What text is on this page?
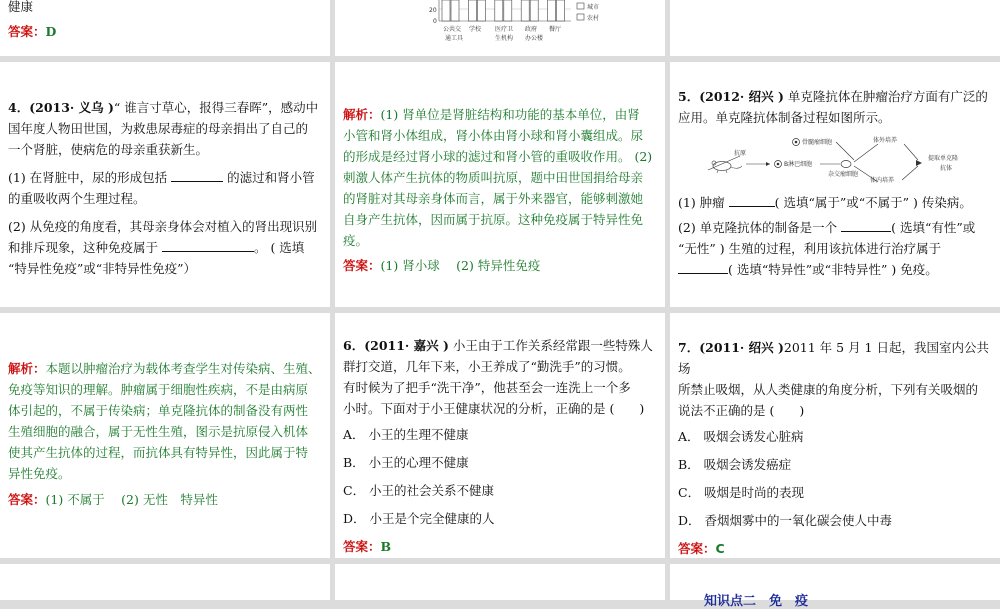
健康

答案：D

20
0
公共交
通工具
学校 医疗卫
生机构
政府
办公楼
餐厅
城市
农村

4．(2013· 义乌 )“ 谁言寸草心，报得三春晖”，感动中
国年度人物田世国，为救患尿毒症的母亲捐出了自己的
一个肾脏，使病危的母亲重获新生。

(1) 在肾脏中，尿的形成包括	的滤过和肾小管
的重吸收两个生理过程。

(2) 从免疫的角度看，其母亲身体会对植入的肾出现识别
和排斥现象，这种免疫属于	。 ( 选填
“特异性免疫”或“非特异性免疫”）

解析：(1) 肾单位是肾脏结构和功能的基本单位，由肾
小管和肾小体组成，肾小体由肾小球和肾小囊组成。尿
的形成是经过肾小球的滤过和肾小管的重吸收作用。 (2)
刺激人体产生抗体的物质叫抗原，题中田世国捐给母亲
的肾脏对其母亲身体而言，属于外来器官，能够刺激她
自身产生抗体，因而属于抗原。这种免疫属于特异性免
疫。

答案：(1) 肾小球　 (2) 特异性免疫

5．(2012· 绍兴 ) 单克隆抗体在肿瘤治疗方面有广泛的
应用。单克隆抗体制备过程如图所示。

抗原
骨髓瘤细胞
B淋巴细胞
杂交瘤细胞
体外培养
体内培养
提取单克隆
抗体

(1) 肿瘤	( 选填“属于”或“不属于” ) 传染病。

(2) 单克隆抗体的制备是一个	( 选填“有性”或
“无性” ) 生殖的过程，利用该抗体进行治疗属于
( 选填“特异性”或“非特异性” ) 免疫。

解析：本题以肿瘤治疗为载体考查学生对传染病、生殖、
免疫等知识的理解。肿瘤属于细胞性疾病，不是由病原
体引起的，不属于传染病；单克隆抗体的制备没有两性
生殖细胞的融合，属于无性生殖，图示是抗原侵入机体
使其产生抗体的过程，而抗体具有特异性，因此属于特
异性免疫。

答案：(1) 不属于　 (2) 无性　特异性

6．(2011· 嘉兴 ) 小王由于工作关系经常跟一些特殊人
群打交道，几年下来，小王养成了“勤洗手”的习惯。
有时候为了把手“洗干净”，他甚至会一连洗上一个多
小时。下面对于小王健康状况的分析，正确的是 (　　)

A． 小王的生理不健康

B． 小王的心理不健康

C． 小王的社会关系不健康

D． 小王是个完全健康的人

答案：B

7．(2011· 绍兴 )2011 年 5 月 1 日起，我国室内公共场
所禁止吸烟，从人类健康的角度分析，下列有关吸烟的
说法不正确的是 (　　)

A． 吸烟会诱发心脏病

B． 吸烟会诱发癌症

C． 吸烟是时尚的表现

D． 香烟烟雾中的一氧化碳会使人中毒

答案：C

知识点二　免　疫
